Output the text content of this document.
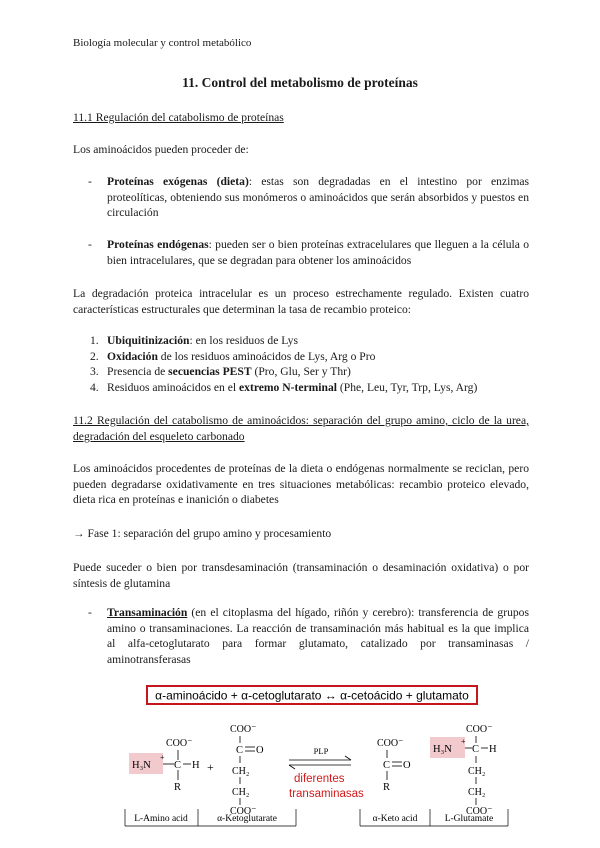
Biología molecular y control metabólico
11. Control del metabolismo de proteínas
11.1 Regulación del catabolismo de proteínas
Los aminoácidos pueden proceder de:
- Proteínas exógenas (dieta): estas son degradadas en el intestino por enzimas proteolíticas, obteniendo sus monómeros o aminoácidos que serán absorbidos y puestos en circulación
- Proteínas endógenas: pueden ser o bien proteínas extracelulares que lleguen a la célula o bien intracelulares, que se degradan para obtener los aminoácidos
La degradación proteica intracelular es un proceso estrechamente regulado. Existen cuatro características estructurales que determinan la tasa de recambio proteico:
1. Ubiquitinización: en los residuos de Lys
2. Oxidación de los residuos aminoácidos de Lys, Arg o Pro
3. Presencia de secuencias PEST (Pro, Glu, Ser y Thr)
4. Residuos aminoácidos en el extremo N-terminal (Phe, Leu, Tyr, Trp, Lys, Arg)
11.2 Regulación del catabolismo de aminoácidos: separación del grupo amino, ciclo de la urea, degradación del esqueleto carbonado
Los aminoácidos procedentes de proteínas de la dieta o endógenas normalmente se reciclan, pero pueden degradarse oxidativamente en tres situaciones metabólicas: recambio proteico elevado, dieta rica en proteínas e inanición o diabetes
→ Fase 1: separación del grupo amino y procesamiento
Puede suceder o bien por transdesaminación (transaminación o desaminación oxidativa) o por síntesis de glutamina
- Transaminación (en el citoplasma del hígado, riñón y cerebro): transferencia de grupos amino o transaminaciones. La reacción de transaminación más habitual es la que implica al alfa-cetoglutarato para formar glutamato, catalizado por transaminasas / aminotransferasas
α-aminoácido + α-cetoglutarato ↔ α-cetoácido + glutamato
H₃N
+
COO⁻
C H
R
+
COO⁻
C O
CH₂
CH₂
COO⁻
PLP
diferentes
transaminasas
COO⁻
C O
R
COO⁻
H₃N
+
C H
CH₂
CH₂
COO⁻
L-Amino acid	α-Ketoglutarate	α-Keto acid	L-Glutamate
